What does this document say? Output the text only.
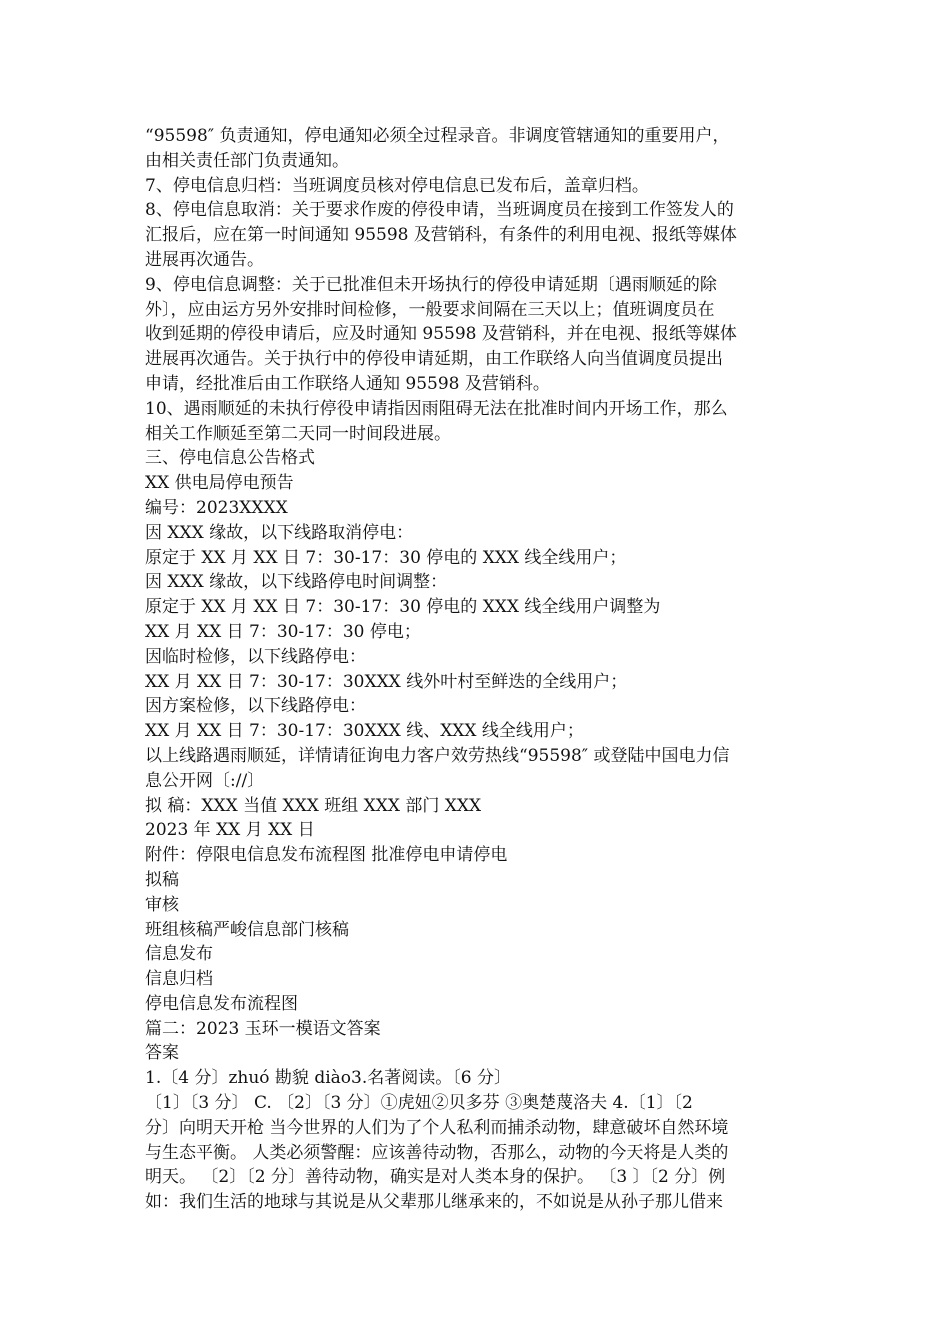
“95598″ 负责通知，停电通知必须全过程录音。非调度管辖通知的重要用户，
由相关责任部门负责通知。
7、停电信息归档：当班调度员核对停电信息已发布后，盖章归档。
8、停电信息取消：关于要求作废的停役申请，当班调度员在接到工作签发人的
汇报后，应在第一时间通知 95598 及营销科，有条件的利用电视、报纸等媒体
进展再次通告。
9、停电信息调整：关于已批准但未开场执行的停役申请延期〔遇雨顺延的除
外〕，应由运方另外安排时间检修，一般要求间隔在三天以上；值班调度员在
收到延期的停役申请后，应及时通知 95598 及营销科，并在电视、报纸等媒体
进展再次通告。关于执行中的停役申请延期，由工作联络人向当值调度员提出
申请，经批准后由工作联络人通知 95598 及营销科。
10、遇雨顺延的未执行停役申请指因雨阻碍无法在批准时间内开场工作，那么
相关工作顺延至第二天同一时间段进展。
三、停电信息公告格式
XX 供电局停电预告
编号：2023XXXX
因 XXX 缘故，以下线路取消停电：
原定于 XX 月 XX 日 7：30-17：30 停电的 XXX 线全线用户；
因 XXX 缘故，以下线路停电时间调整：
原定于 XX 月 XX 日 7：30-17：30 停电的 XXX 线全线用户调整为
XX 月 XX 日 7：30-17：30 停电；
因临时检修，以下线路停电：
XX 月 XX 日 7：30-17：30XXX 线外叶村至鲜迭的全线用户；
因方案检修，以下线路停电：
XX 月 XX 日 7：30-17：30XXX 线、XXX 线全线用户；
以上线路遇雨顺延，详情请征询电力客户效劳热线“95598″ 或登陆中国电力信
息公开网〔://〕
拟 稿：XXX 当值 XXX 班组 XXX 部门 XXX
2023 年 XX 月 XX 日
附件：停限电信息发布流程图 批准停电申请停电
拟稿
审核
班组核稿严峻信息部门核稿
信息发布
信息归档
停电信息发布流程图
篇二：2023 玉环一模语文答案
答案
1.〔4 分〕zhuó 勘貌 diào3.名著阅读。〔6 分〕
〔1〕〔3 分〕 C. 〔2〕〔3 分〕①虎妞②贝多芬 ③奥楚蔑洛夫 4.〔1〕〔2
分〕向明天开枪 当今世界的人们为了个人私利而捕杀动物，肆意破坏自然环境
与生态平衡。 人类必须警醒：应该善待动物，否那么，动物的今天将是人类的
明天。 〔2〕〔2 分〕善待动物，确实是对人类本身的保护。 〔3 〕〔2 分〕例
如：我们生活的地球与其说是从父辈那儿继承来的，不如说是从孙子那儿借来
